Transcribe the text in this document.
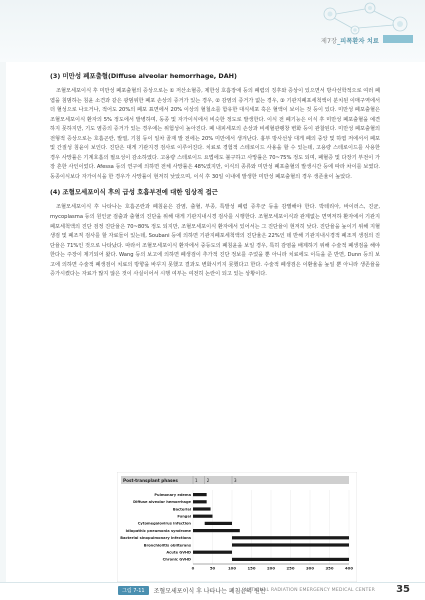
제7장_피폭환자 치료
(3) 미만성 폐포출혈(Diffuse alveolar hemorrhage, DAH)

조혈모세포이식 후 미만성 폐포출혈의 증상으로는 ① 저산소혈증, 제한성 호흡장애 등의 폐렴의 징후와 증상이 있으면서 방사선학적으로 여러 폐엽을 침범하는 침윤 소견과 같은 광범위한 폐포 손상의 증거가 있는 경우, ② 감염의 증거가 없는 경우, ③ 기관지폐포세척액이 분치된 이매구역에서 더 혈성으로 나오거나, 적어도 20%의 폐포 표면에서 20% 이상의 혈철소를 함유한 대식세포 혹은 혈액이 보이는 것 등이 있다. 미만성 폐포출혈은 조혈모세포이식 환자의 5% 정도에서 발병하며, 동종 및 자가이식에서 비슷한 정도로 발생한다. 이식 전 폐기능은 이식 후 미만성 폐포출혈을 예견하지 못하지만, 기도 염증의 증거가 있는 경우에는 위험성이 높아진다. 폐 내피세포의 손상과 비세혈관팽창 변화 등이 관찰된다. 미만성 폐포출혈의 전형적 증상으로는 호흡곤란, 발열, 기침 등이 일차 골재 발 전에는 20% 미만에서 생겨난다. 흉부 방사선상 대게 폐의 중앙 및 하엽 저에서서 폐포 및 간질성 침윤이 보인다. 진단은 대게 기관지경 검사로 이루어진다. 치료로 경험적 스테로이드 사용을 할 수 있는데, 고용량 스테로이드를 사용한 경우 사망률은 기계호흡의 필요성이 감소하였다. 고용량 스테로이드 요법에도 불구하고 사망률은 70~75% 정도 되며, 패혈증 및 다장기 부전이 가장 흔한 사인이었다. Afessa 등의 연구에 의하면 전체 사망률은 48%였지만, 이식의 종류와 미만성 폐포출혈의 발생시간 등에 따라 차이를 보였다. 동종이식보다 자가이식을 한 경우가 사망률이 현저히 낮았으며, 이식 후 30일 이내에 발생한 미만성 폐포출혈의 경우 생존율이 높았다.

(4) 조혈모세포이식 후의 급성 호흡부전에 대한 임상적 접근

조혈모세포이식 후 나타나는 호흡곤란과 폐침윤은 감염, 출혈, 부종, 특발성 폐렴 증후군 등을 감별해야 한다. 박테리아, 바이러스, 진균, mycoplasma 등의 원인균 검출과 출혈의 진단을 위해 대게 기관지내시경 검사를 시행한다. 조혈모세포이식과 관계없는 면역저하 환자에서 기관지폐포세척액의 진단 검정 진단율은 70~80% 정도 되지만, 조혈모세포이식 환자에서 있어서는 그 진단율이 현저히 낮다. 진단율을 높이기 위해 지혈생검 및 폐조직 검사를 할 자료들이 있는데, Soubani 등에 의하면 기관지폐포세척액의 진단율은 22%인 데 반해 기관지내시경적 폐조직 생검의 진단율은 71%인 것으로 나타났다. 따라서 조혈모세포이식 환자에서 중등도의 폐침윤을 보일 경우, 특히 감염을 배제하기 위해 수술적 폐생검을 해야 한다는 주장이 제기되어 왔다. Wang 등의 보고에 의하면 폐생검이 추가적 진단 정보를 주었을 뿐 아니라 치료에도 이득을 준 반면, Dunn 등의 보고에 의하면 수술적 폐생검이 치료의 방향을 바꾸지 못했고 결과도 변화시키지 못했다고 한다. 수술적 폐생검은 이환율을 높일 뿐 아니라 생존율을 증가시켰다는 자료가 많지 않은 것이 사실이어서 시행 여부는 여전히 논란이 되고 있는 상황이다.

Post-transplant phases	1 2	3
Pulmonary edema
Diffuse alveolar hemorrhage
Bacterial
Fungal
Cytomegalovirus infection
Idiopathic pneumonia syndrome
Bacterial sinopulmonary infections
Bronchiolitis obliterans
Acute GVHD
Chronic GVHD
0	50	100	150	200	250	300	350	400
그림 7-11	조혈모세포이식 후 나타나는 폐침윤의 원인
NATIONAL RADIATION EMERGENCY MEDICAL CENTER 35
